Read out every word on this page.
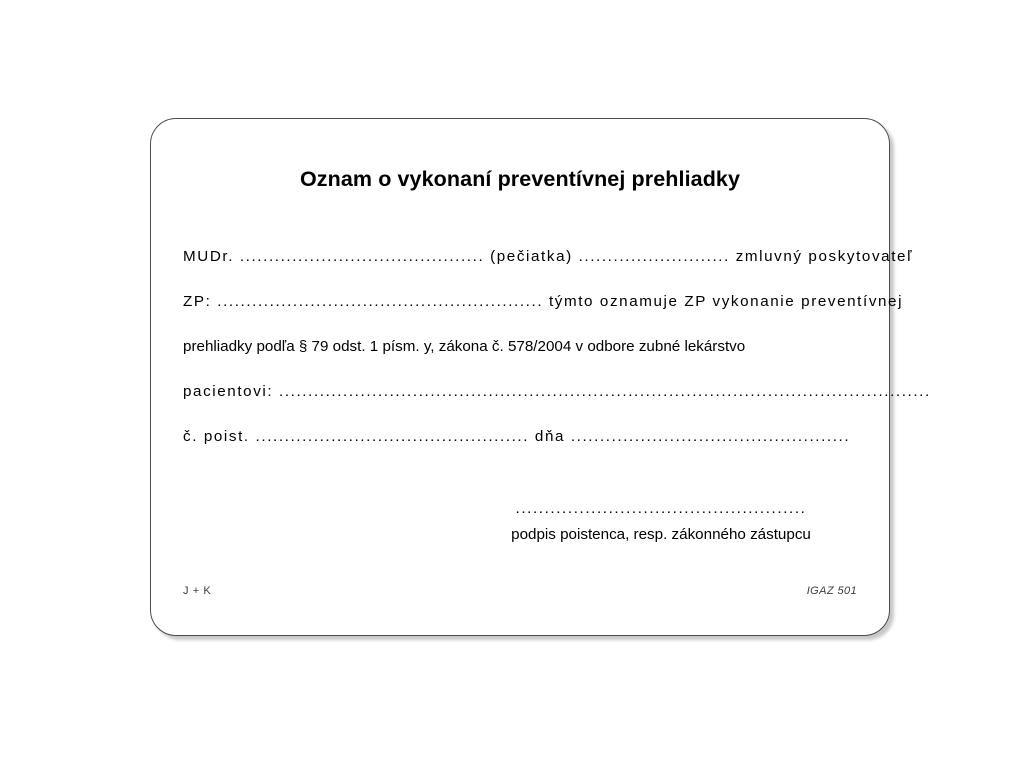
Oznam o vykonaní preventívnej prehliadky
MUDr. .......................................... (pečiatka) .......................... zmluvný poskytovateľ
ZP: ........................................................ týmto oznamuje ZP vykonanie preventívnej
prehliadky podľa § 79 odst. 1 písm. y, zákona č. 578/2004 v odbore zubné lekárstvo
pacientovi: ................................................................................................................
č. poist. ............................................... dňa ................................................
..................................................
podpis poistenca, resp. zákonného zástupcu
J + K	IGAZ 501
